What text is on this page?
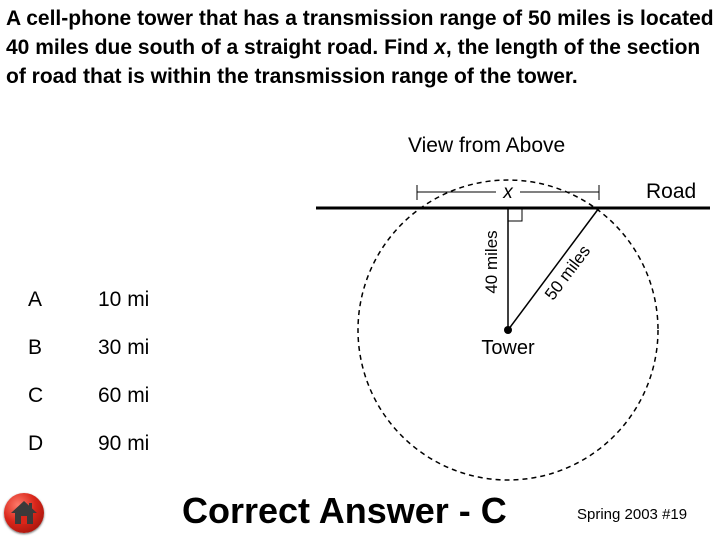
A cell-phone tower that has a transmission range of 50 miles is located 40 miles due south of a straight road. Find x, the length of the section of road that is within the transmission range of the tower.

View from Above
Road
x
40 miles 50 miles
Tower
A	10 mi
B	30 mi
C	60 mi
D	90 mi
Correct Answer - C	Spring 2003 #19
